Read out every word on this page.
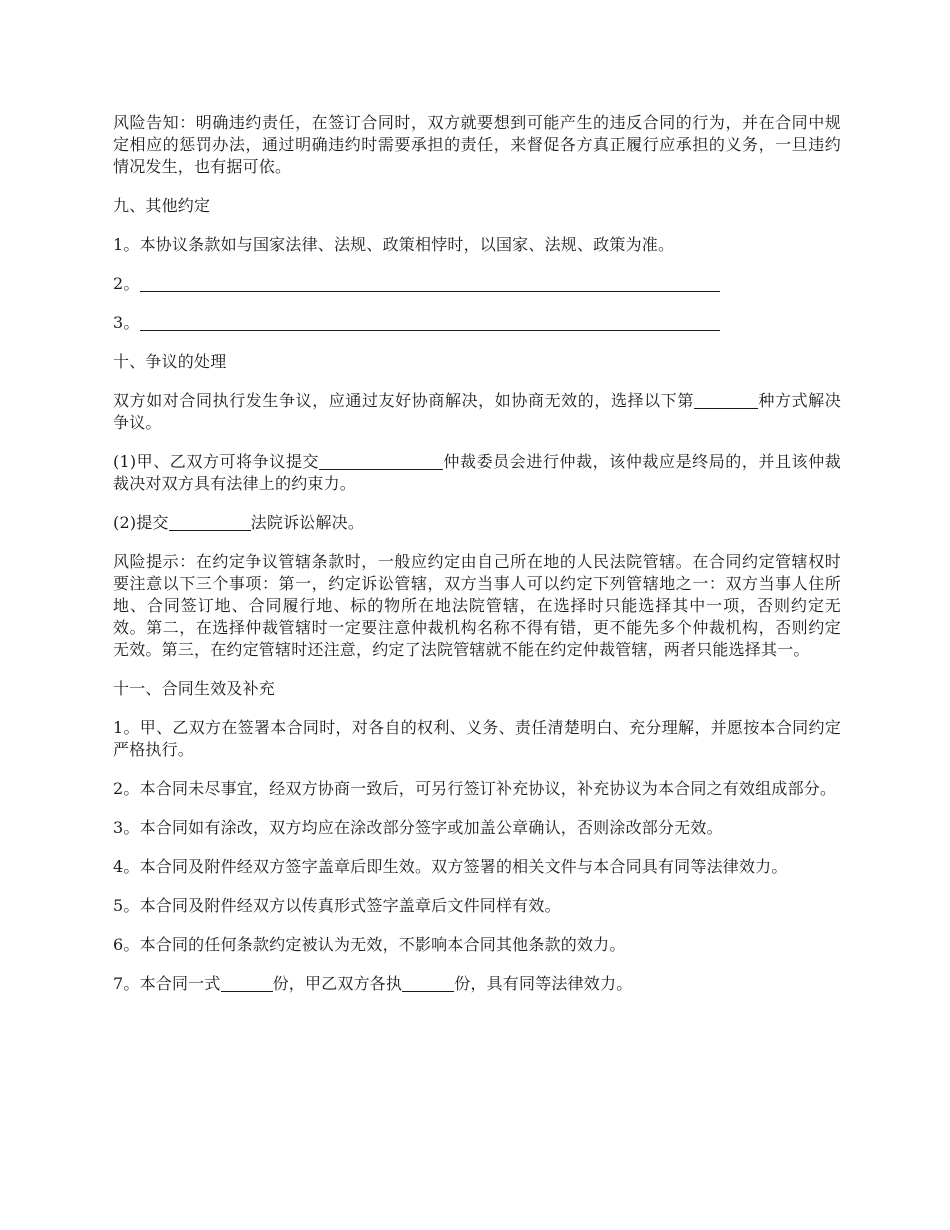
风险告知：明确违约责任，在签订合同时，双方就要想到可能产生的违反合同的行为，并在合同中规定相应的惩罚办法，通过明确违约时需要承担的责任，来督促各方真正履行应承担的义务，一旦违约情况发生，也有据可依。

九、其他约定

1。本协议条款如与国家法律、法规、政策相悖时，以国家、法规、政策为准。

2。

3。

十、争议的处理

双方如对合同执行发生争议，应通过友好协商解决，如协商无效的，选择以下第	种方式解决争议。

(1)甲、乙双方可将争议提交	仲裁委员会进行仲裁，该仲裁应是终局的，并且该仲裁裁决对双方具有法律上的约束力。

(2)提交	法院诉讼解决。

风险提示：在约定争议管辖条款时，一般应约定由自己所在地的人民法院管辖。在合同约定管辖权时要注意以下三个事项：第一，约定诉讼管辖，双方当事人可以约定下列管辖地之一：双方当事人住所地、合同签订地、合同履行地、标的物所在地法院管辖，在选择时只能选择其中一项，否则约定无效。第二，在选择仲裁管辖时一定要注意仲裁机构名称不得有错，更不能先多个仲裁机构，否则约定无效。第三，在约定管辖时还注意，约定了法院管辖就不能在约定仲裁管辖，两者只能选择其一。

十一、合同生效及补充

1。甲、乙双方在签署本合同时，对各自的权利、义务、责任清楚明白、充分理解，并愿按本合同约定严格执行。

2。本合同未尽事宜，经双方协商一致后，可另行签订补充协议，补充协议为本合同之有效组成部分。

3。本合同如有涂改，双方均应在涂改部分签字或加盖公章确认，否则涂改部分无效。

4。本合同及附件经双方签字盖章后即生效。双方签署的相关文件与本合同具有同等法律效力。

5。本合同及附件经双方以传真形式签字盖章后文件同样有效。

6。本合同的任何条款约定被认为无效，不影响本合同其他条款的效力。

7。本合同一式	份，甲乙双方各执	份，具有同等法律效力。
